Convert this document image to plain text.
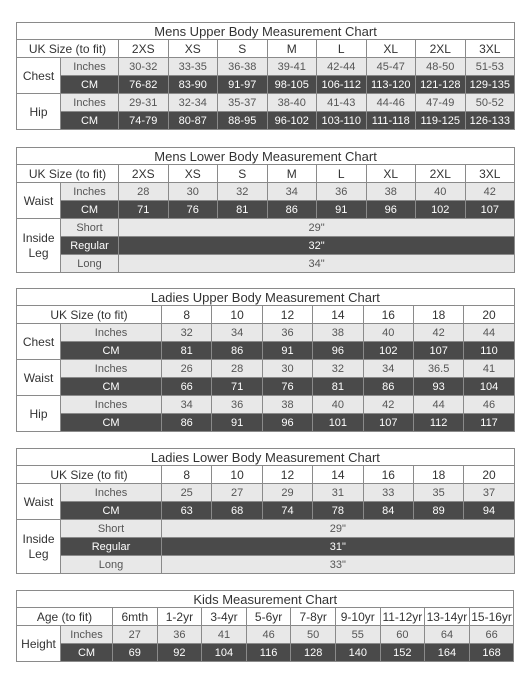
Mens Upper Body Measurement Chart									
UK Size (to fit)		2XS	XS	S	M	L	XL	2XL	3XL
Chest	Inches	30-32	33-35	36-38	39-41	42-44	45-47	48-50	51-53
	CM	76-82	83-90	91-97	98-105	106-112	113-120	121-128	129-135
Hip	Inches	29-31	32-34	35-37	38-40	41-43	44-46	47-49	50-52
	CM	74-79	80-87	88-95	96-102	103-110	111-118	119-125	126-133
Mens Lower Body Measurement Chart									
UK Size (to fit)		2XS	XS	S	M	L	XL	2XL	3XL
Waist	Inches	28	30	32	34	36	38	40	42
	CM	71	76	81	86	91	96	102	107
Inside Leg	Short	29"							
	Regular	32"							
	Long	34"							
Ladies Upper Body Measurement Chart								
UK Size (to fit)		8	10	12	14	16	18	20
Chest	Inches	32	34	36	38	40	42	44
	CM	81	86	91	96	102	107	110
Waist	Inches	26	28	30	32	34	36.5	41
	CM	66	71	76	81	86	93	104
Hip	Inches	34	36	38	40	42	44	46
	CM	86	91	96	101	107	112	117
Ladies Lower Body Measurement Chart								
UK Size (to fit)		8	10	12	14	16	18	20
Waist	Inches	25	27	29	31	33	35	37
	CM	63	68	74	78	84	89	94
Inside Leg	Short	29"						
	Regular	31"						
	Long	33"						
Kids Measurement Chart										
Age (to fit)		6mth	1-2yr	3-4yr	5-6yr	7-8yr	9-10yr	11-12yr	13-14yr	15-16yr
Height	Inches	27	36	41	46	50	55	60	64	66
	CM	69	92	104	116	128	140	152	164	168
